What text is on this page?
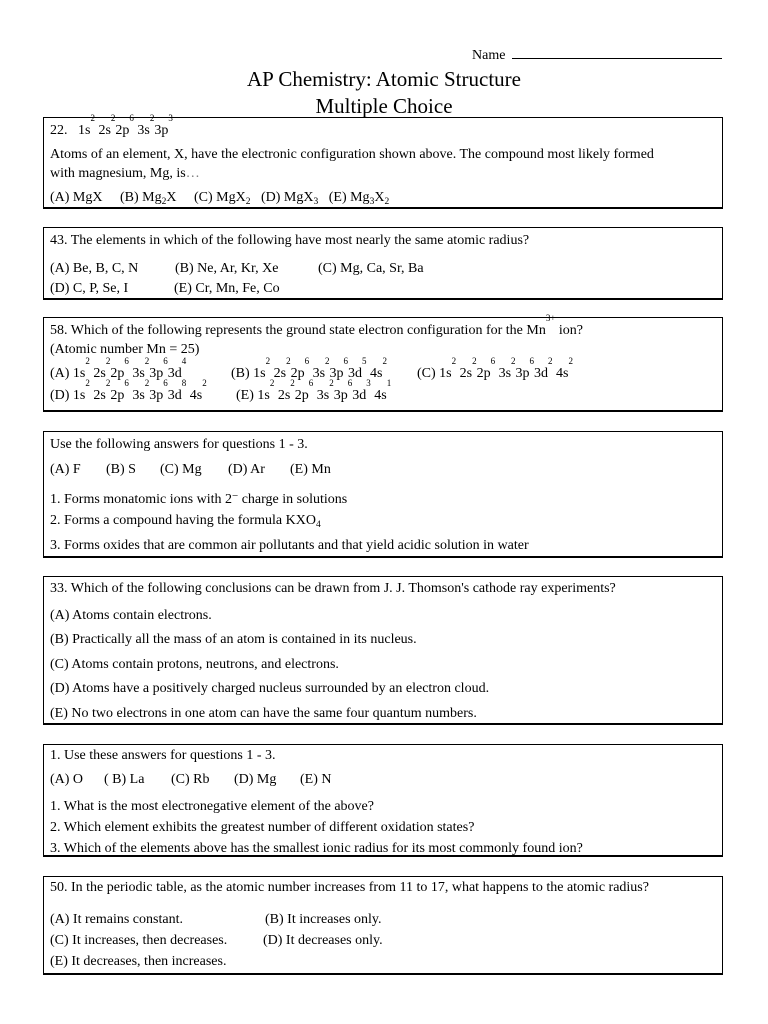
Name
AP Chemistry: Atomic Structure
Multiple Choice
22. $1s^2$ $2s^22p^6$ $3s^23p^3$
Atoms of an element, X, have the electronic configuration shown above. The compound most likely formed
with magnesium, Mg, is…
(A) MgX (B) $Mg_2X$ (C) MgX$_2$ (D) MgX$_3$ (E) $Mg_3X_2$
43. The elements in which of the following have most nearly the same atomic radius?
(A) Be, B, C, N	(B) Ne, Ar, Kr, Xe	(C) Mg, Ca, Sr, Ba
(D) C, P, Se, I	(E) Cr, Mn, Fe, Co
58. Which of the following represents the ground state electron configuration for the $Mn^{3+}$ ion?
(Atomic number Mn = 25)
(A) $1s^2$ $2s^22p^6$ $3s^23p^63d^4$
(B) $1s^2$ $2s^22p^6$ $3s^23p^63d^5$ $4s^2$
(C) $1s^2$ $2s^22p^6$ $3s^23p^63d^2$ $4s^2$
(D) $1s^2$ $2s^22p^6$ $3s^23p^63d^8$ $4s^2$
(E) $1s^2$ $2s^22p^6$ $3s^23p^63d^3$ $4s^1$
Use the following answers for questions 1 - 3.
(A) F (B) S (C) Mg (D) Ar (E) Mn
1. Forms monatomic ions with 2− charge in solutions
2. Forms a compound having the formula $KXO_4$
3. Forms oxides that are common air pollutants and that yield acidic solution in water
33. Which of the following conclusions can be drawn from J. J. Thomson's cathode ray experiments?
(A) Atoms contain electrons.
(B) Practically all the mass of an atom is contained in its nucleus.
(C) Atoms contain protons, neutrons, and electrons.
(D) Atoms have a positively charged nucleus surrounded by an electron cloud.
(E) No two electrons in one atom can have the same four quantum numbers.
1. Use these answers for questions 1 - 3.
(A) O ( B) La (C) Rb (D) Mg (E) N
1. What is the most electronegative element of the above?
2. Which element exhibits the greatest number of different oxidation states?
3. Which of the elements above has the smallest ionic radius for its most commonly found ion?
50. In the periodic table, as the atomic number increases from 11 to 17, what happens to the atomic radius?
(A) It remains constant.	(B) It increases only.
(C) It increases, then decreases.	(D) It decreases only.
(E) It decreases, then increases.
